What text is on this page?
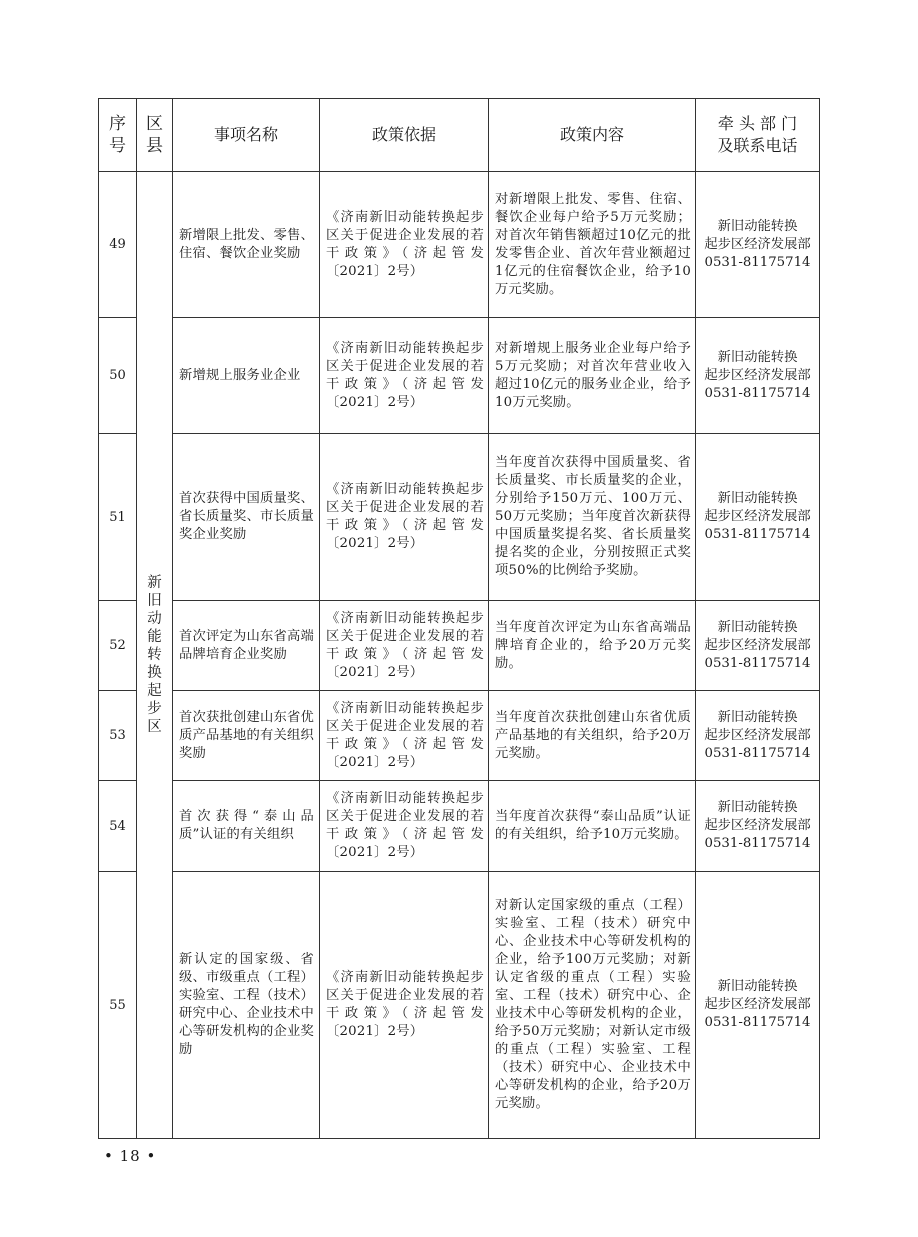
序号	区县	事项名称	政策依据	政策内容	牵 头 部 门
及联系电话

49	新旧动能转换起步区	新增限上批发、零售、住宿、餐饮企业奖励	《济南新旧动能转换起步区关于促进企业发展的若干政策》（济起管发〔2021〕2号）	对新增限上批发、零售、住宿、餐饮企业每户给予5万元奖励；对首次年销售额超过10亿元的批发零售企业、首次年营业额超过1亿元的住宿餐饮企业，给予10万元奖励。	新旧动能转换
起步区经济发展部
0531-81175714

50		新增规上服务业企业	《济南新旧动能转换起步区关于促进企业发展的若干政策》（济起管发〔2021〕2号）	对新增规上服务业企业每户给予5万元奖励；对首次年营业收入超过10亿元的服务业企业，给予10万元奖励。	新旧动能转换
起步区经济发展部
0531-81175714

51		首次获得中国质量奖、省长质量奖、市长质量奖企业奖励	《济南新旧动能转换起步区关于促进企业发展的若干政策》（济起管发〔2021〕2号）	当年度首次获得中国质量奖、省长质量奖、市长质量奖的企业，分别给予150万元、100万元、50万元奖励；当年度首次新获得中国质量奖提名奖、省长质量奖提名奖的企业，分别按照正式奖项50%的比例给予奖励。	新旧动能转换
起步区经济发展部
0531-81175714

52		首次评定为山东省高端品牌培育企业奖励	《济南新旧动能转换起步区关于促进企业发展的若干政策》（济起管发〔2021〕2号）	当年度首次评定为山东省高端品牌培育企业的，给予20万元奖励。	新旧动能转换
起步区经济发展部
0531-81175714

53		首次获批创建山东省优质产品基地的有关组织奖励	《济南新旧动能转换起步区关于促进企业发展的若干政策》（济起管发〔2021〕2号）	当年度首次获批创建山东省优质产品基地的有关组织，给予20万元奖励。	新旧动能转换
起步区经济发展部
0531-81175714

54		首次获得“泰山品质”认证的有关组织	《济南新旧动能转换起步区关于促进企业发展的若干政策》（济起管发〔2021〕2号）	当年度首次获得“泰山品质”认证的有关组织，给予10万元奖励。	新旧动能转换
起步区经济发展部
0531-81175714

55		新认定的国家级、省级、市级重点（工程）实验室、工程（技术）研究中心、企业技术中心等研发机构的企业奖励	《济南新旧动能转换起步区关于促进企业发展的若干政策》（济起管发〔2021〕2号）	对新认定国家级的重点（工程）实验室、工程（技术）研究中心、企业技术中心等研发机构的企业，给予100万元奖励；对新认定省级的重点（工程）实验室、工程（技术）研究中心、企业技术中心等研发机构的企业，给予50万元奖励；对新认定市级的重点（工程）实验室、工程（技术）研究中心、企业技术中心等研发机构的企业，给予20万元奖励。	新旧动能转换
起步区经济发展部
0531-81175714
• 18 •
